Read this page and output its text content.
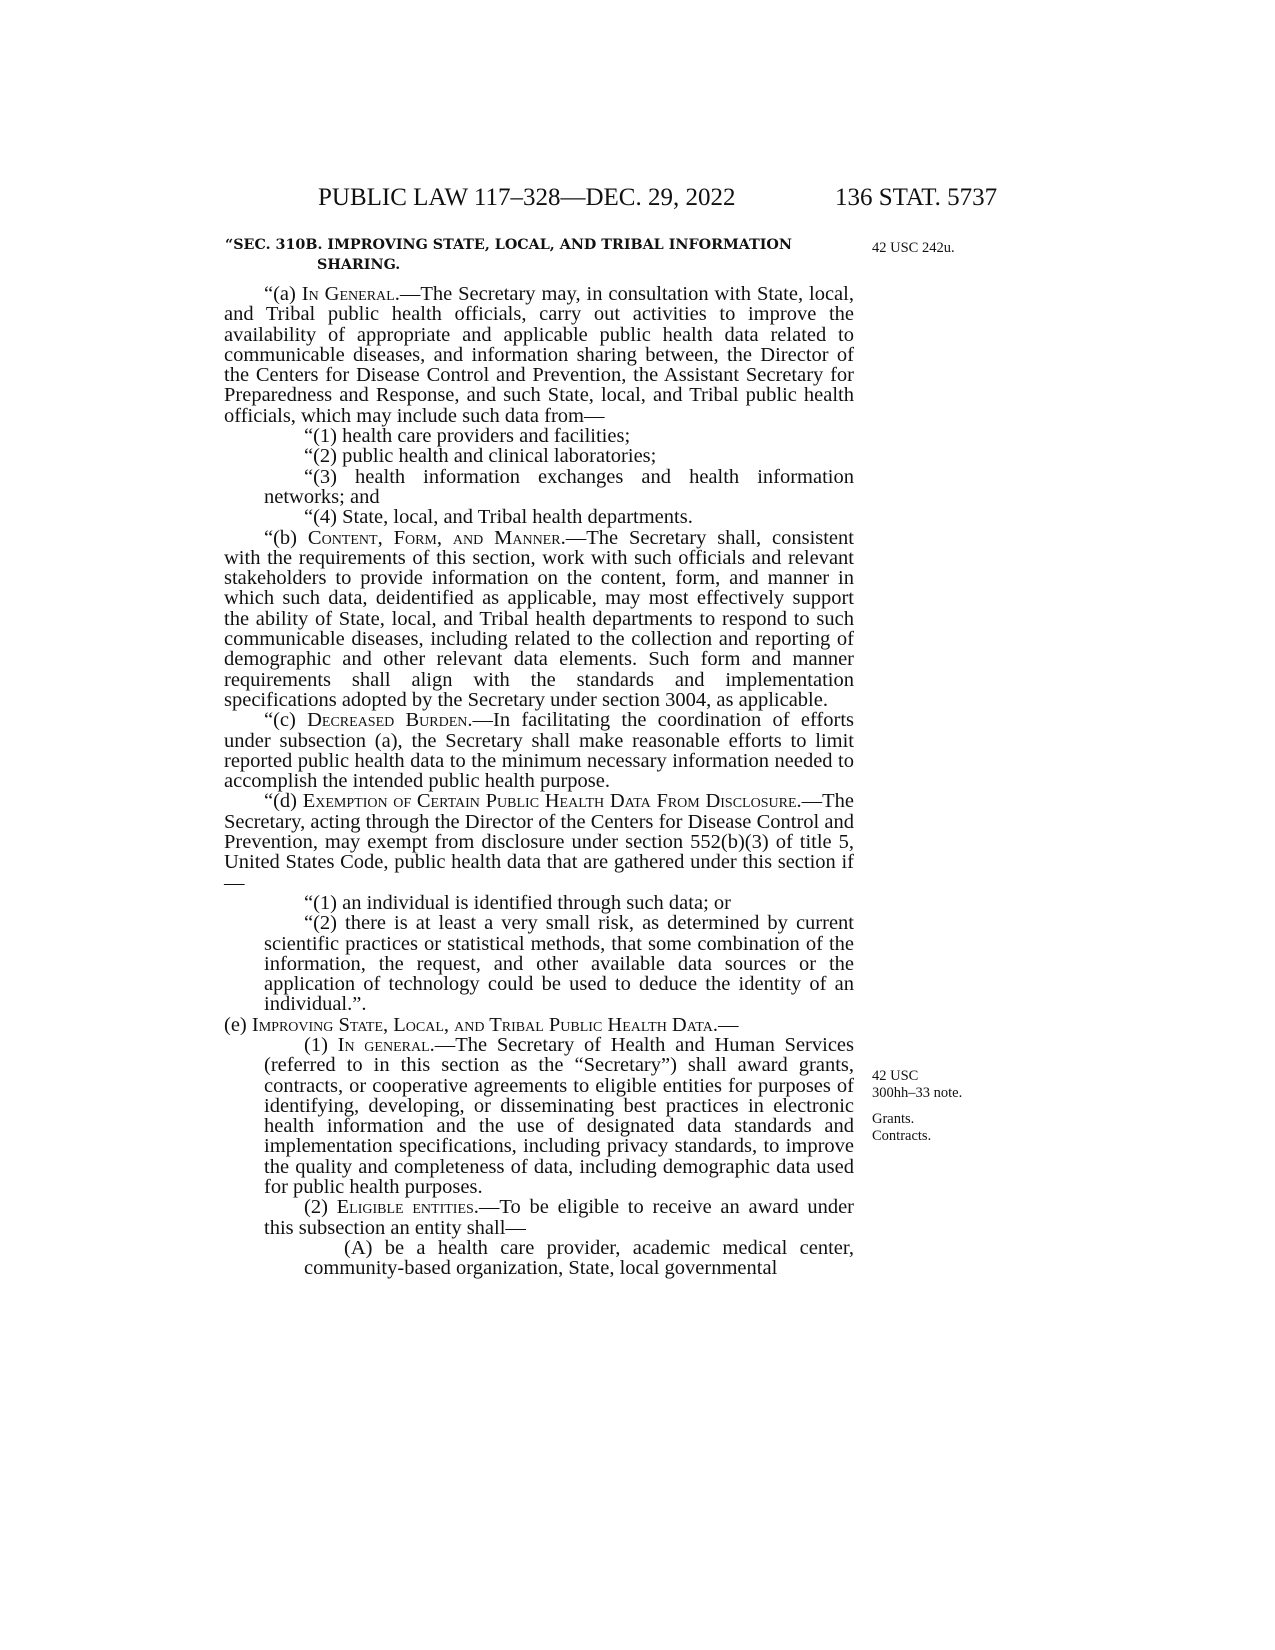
PUBLIC LAW 117–328—DEC. 29, 2022	136 STAT. 5737
42 USC 242u.
42 USC
300hh–33 note.
Grants.
Contracts.
“SEC. 310B. IMPROVING STATE, LOCAL, AND TRIBAL INFORMATION
SHARING.

“(a) In General.—The Secretary may, in consultation with State, local, and Tribal public health officials, carry out activities to improve the availability of appropriate and applicable public health data related to communicable diseases, and information sharing between, the Director of the Centers for Disease Control and Prevention, the Assistant Secretary for Preparedness and Response, and such State, local, and Tribal public health officials, which may include such data from—

“(1) health care providers and facilities;

“(2) public health and clinical laboratories;

“(3) health information exchanges and health information networks; and

“(4) State, local, and Tribal health departments.

“(b) Content, Form, and Manner.—The Secretary shall, consistent with the requirements of this section, work with such officials and relevant stakeholders to provide information on the content, form, and manner in which such data, deidentified as applicable, may most effectively support the ability of State, local, and Tribal health departments to respond to such communicable diseases, including related to the collection and reporting of demographic and other relevant data elements. Such form and manner requirements shall align with the standards and implementation specifications adopted by the Secretary under section 3004, as applicable.

“(c) Decreased Burden.—In facilitating the coordination of efforts under subsection (a), the Secretary shall make reasonable efforts to limit reported public health data to the minimum necessary information needed to accomplish the intended public health purpose.

“(d) Exemption of Certain Public Health Data From Disclosure.—The Secretary, acting through the Director of the Centers for Disease Control and Prevention, may exempt from disclosure under section 552(b)(3) of title 5, United States Code, public health data that are gathered under this section if—

“(1) an individual is identified through such data; or

“(2) there is at least a very small risk, as determined by current scientific practices or statistical methods, that some combination of the information, the request, and other available data sources or the application of technology could be used to deduce the identity of an individual.”.

(e) Improving State, Local, and Tribal Public Health Data.—

(1) In general.—The Secretary of Health and Human Services (referred to in this section as the “Secretary”) shall award grants, contracts, or cooperative agreements to eligible entities for purposes of identifying, developing, or disseminating best practices in electronic health information and the use of designated data standards and implementation specifications, including privacy standards, to improve the quality and completeness of data, including demographic data used for public health purposes.

(2) Eligible entities.—To be eligible to receive an award under this subsection an entity shall—

(A) be a health care provider, academic medical center, community-based organization, State, local governmental
